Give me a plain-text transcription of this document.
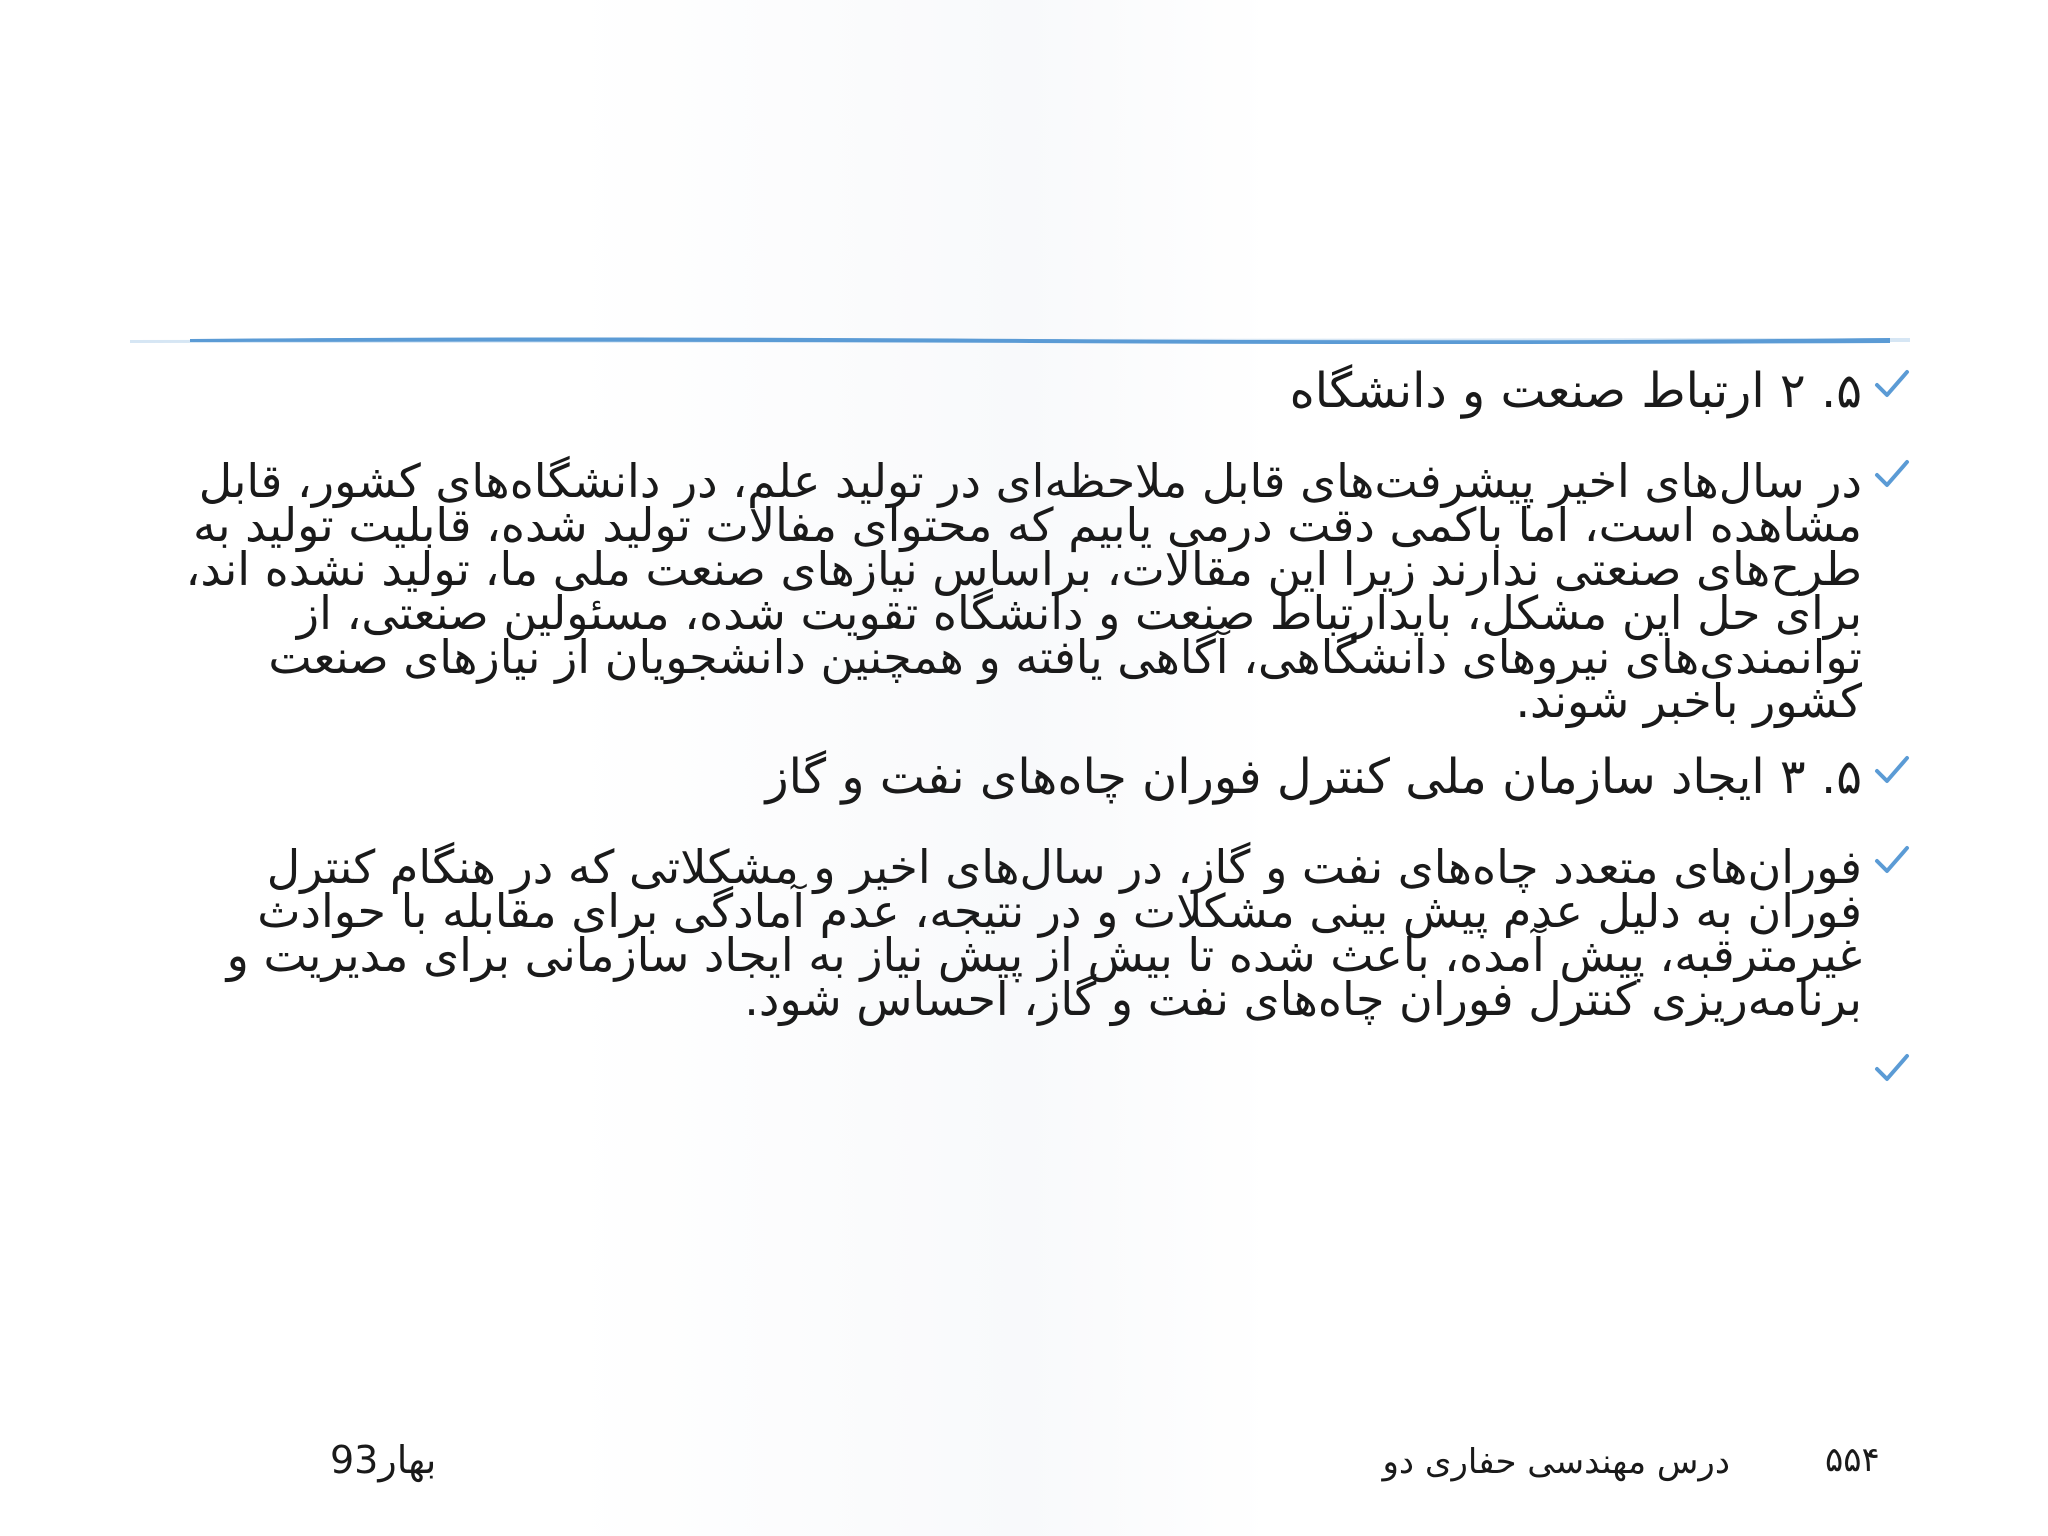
۵. ۲ ارتباط صنعت و دانشگاه
در سال‌های اخیر پیشرفت‌های قابل ملاحظه‌ای در تولید علم، در دانشگاه‌های کشور، قابل مشاهده است، اما باکمی دقت درمی یابیم که محتوای مفالات تولید شده، قابلیت تولید به طرح‌های صنعتی ندارند زیرا این مقالات، براساس نیازهای صنعت ملی ما، تولید نشده اند، برای حل این مشکل، بایدارتباط صنعت و دانشگاه تقویت شده، مسئولین صنعتی، از توانمندی‌های نیروهای دانشگاهی، آگاهی یافته و همچنین دانشجویان از نیازهای صنعت کشور باخبر شوند.
۵. ۳ ایجاد سازمان ملی کنترل فوران چاه‌های نفت و گاز
فوران‌های متعدد چاه‌های نفت و گاز، در سال‌های اخیر و مشکلاتی که در هنگام کنترل فوران به دلیل عدم پیش بینی مشکلات و در نتیجه، عدم آمادگی برای مقابله با حوادث غیرمترقبه، پیش آمده، باعث شده تا بیش از پیش نیاز به ایجاد سازمانی برای مدیریت و برنامه‌ریزی کنترل فوران چاه‌های نفت و گاز، احساس شود.
۵۵۴
درس مهندسی حفاری دو
بهار93
